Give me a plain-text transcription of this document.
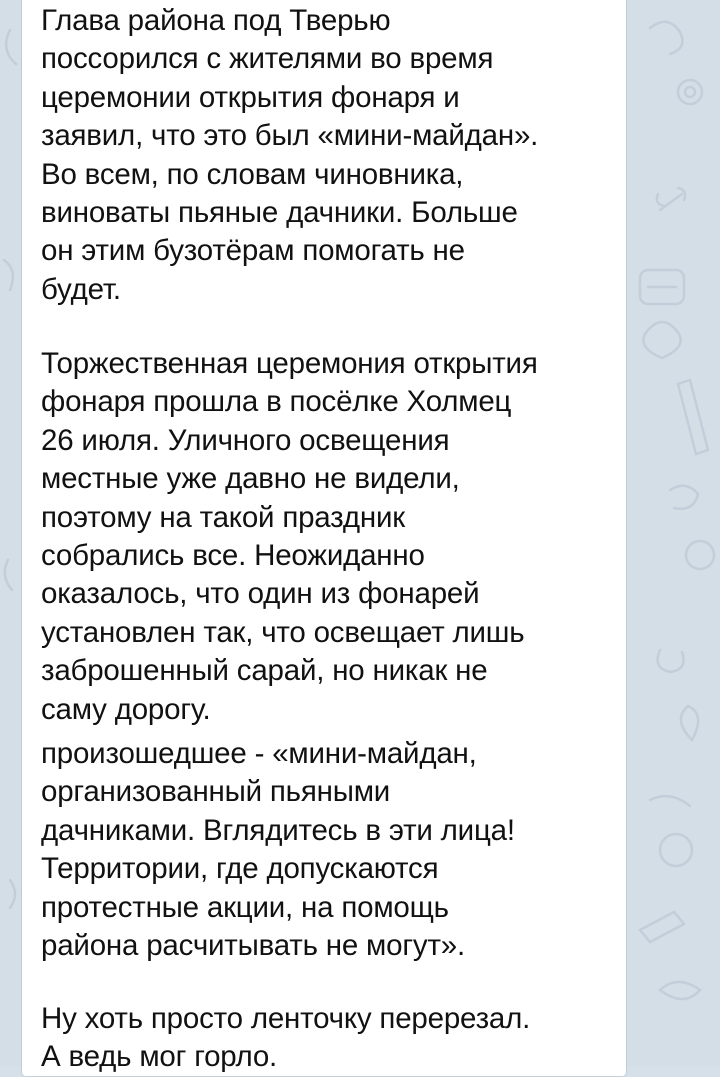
Глава района под Тверью
поссорился с жителями во время
церемонии открытия фонаря и
заявил, что это был «мини-майдан».
Во всем, по словам чиновника,
виноваты пьяные дачники. Больше
он этим бузотёрам помогать не
будет.
Торжественная церемония открытия
фонаря прошла в посёлке Холмец
26 июля. Уличного освещения
местные уже давно не видели,
поэтому на такой праздник
собрались все. Неожиданно
оказалось, что один из фонарей
установлен так, что освещает лишь
заброшенный сарай, но никак не
саму дорогу.
произошедшее - «мини-майдан,
организованный пьяными
дачниками. Вглядитесь в эти лица!
Территории, где допускаются
протестные акции, на помощь
района расчитывать не могут».
Ну хоть просто ленточку перерезал.
А ведь мог горло.
